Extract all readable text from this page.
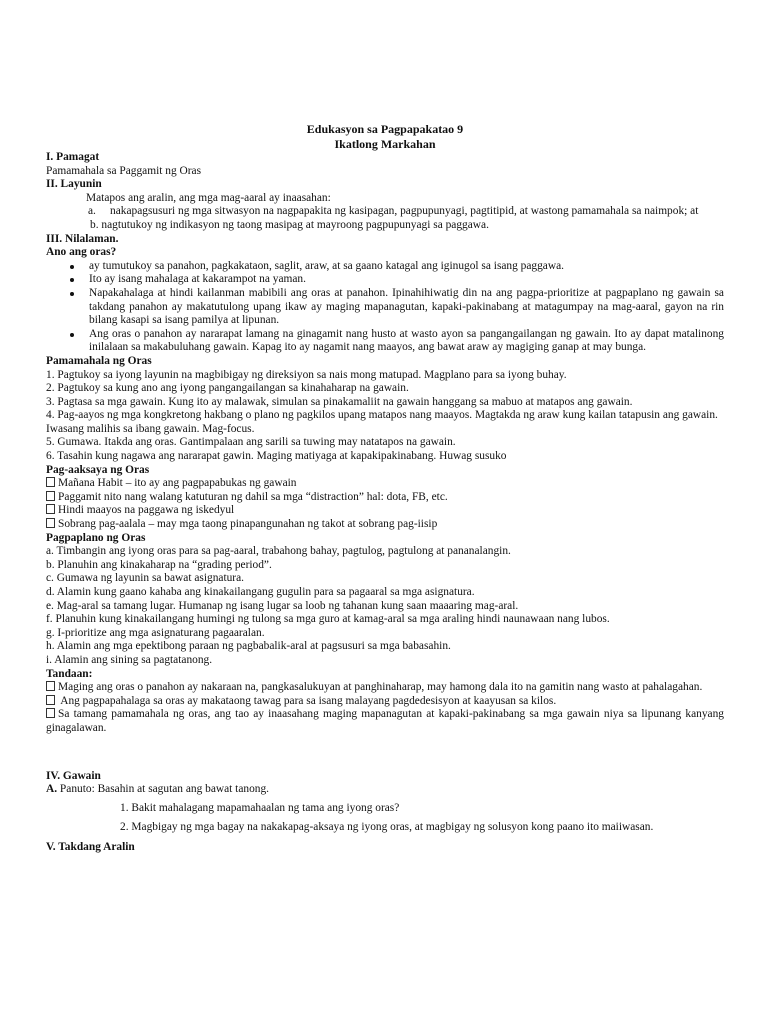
Edukasyon sa Pagpapakatao 9
Ikatlong Markahan

I. Pamagat

Pamamahala sa Paggamit ng Oras

II. Layunin

Matapos ang aralin, ang mga mag-aaral ay inaasahan:

a.	nakapagsusuri ng mga sitwasyon na nagpapakita ng kasipagan, pagpupunyagi, pagtitipid, at wastong pamamahala sa naimpok; at
b. nagtutukoy ng indikasyon ng taong masipag at mayroong pagpupunyagi sa paggawa.

III. Nilalaman.

Ano ang oras?

ay tumutukoy sa panahon, pagkakataon, saglit, araw, at sa gaano katagal ang iginugol sa isang paggawa.
Ito ay isang mahalaga at kakarampot na yaman.
Napakahalaga at hindi kailanman mabibili ang oras at panahon. Ipinahihiwatig din na ang pagpa-prioritize at pagpaplano ng gawain sa takdang panahon ay makatutulong upang ikaw ay maging mapanagutan, kapaki-pakinabang at matagumpay na mag-aaral, gayon na rin bilang kasapi sa isang pamilya at lipunan.
Ang oras o panahon ay nararapat lamang na ginagamit nang husto at wasto ayon sa pangangailangan ng gawain. Ito ay dapat matalinong inilalaan sa makabuluhang gawain. Kapag ito ay nagamit nang maayos, ang bawat araw ay magiging ganap at may bunga.

Pamamahala ng Oras

1. Pagtukoy sa iyong layunin na magbibigay ng direksiyon sa nais mong matupad. Magplano para sa iyong buhay.

2. Pagtukoy sa kung ano ang iyong pangangailangan sa kinahaharap na gawain.

3. Pagtasa sa mga gawain. Kung ito ay malawak, simulan sa pinakamaliit na gawain hanggang sa mabuo at matapos ang gawain.

4. Pag-aayos ng mga kongkretong hakbang o plano ng pagkilos upang matapos nang maayos. Magtakda ng araw kung kailan tatapusin ang gawain. Iwasang malihis sa ibang gawain. Mag-focus.

5. Gumawa. Itakda ang oras. Gantimpalaan ang sarili sa tuwing may natatapos na gawain.

6. Tasahin kung nagawa ang nararapat gawin. Maging matiyaga at kapakipakinabang. Huwag susuko

Pag-aaksaya ng Oras

Mañana Habit – ito ay ang pagpapabukas ng gawain

Paggamit nito nang walang katuturan ng dahil sa mga “distraction” hal: dota, FB, etc.

Hindi maayos na paggawa ng iskedyul

Sobrang pag-aalala – may mga taong pinapangunahan ng takot at sobrang pag-iisip

Pagpaplano ng Oras

a. Timbangin ang iyong oras para sa pag-aaral, trabahong bahay, pagtulog, pagtulong at pananalangin.

b. Planuhin ang kinakaharap na “grading period”.

c. Gumawa ng layunin sa bawat asignatura.

d. Alamin kung gaano kahaba ang kinakailangang gugulin para sa pagaaral sa mga asignatura.

e. Mag-aral sa tamang lugar. Humanap ng isang lugar sa loob ng tahanan kung saan maaaring mag-aral.

f. Planuhin kung kinakailangang humingi ng tulong sa mga guro at kamag-aral sa mga araling hindi naunawaan nang lubos.

g. I-prioritize ang mga asignaturang pagaaralan.

h. Alamin ang mga epektibong paraan ng pagbabalik-aral at pagsusuri sa mga babasahin.

i. Alamin ang sining sa pagtatanong.

Tandaan:

Maging ang oras o panahon ay nakaraan na, pangkasalukuyan at panghinaharap, may hamong dala ito na gamitin nang wasto at pahalagahan.

Ang pagpapahalaga sa oras ay makataong tawag para sa isang malayang pagdedesisyon at kaayusan sa kilos.

Sa tamang pamamahala ng oras, ang tao ay inaasahang maging mapanagutan at kapaki-pakinabang sa mga gawain niya sa lipunang kanyang ginagalawan.

IV. Gawain

A. Panuto: Basahin at sagutan ang bawat tanong.

1. Bakit mahalagang mapamahaalan ng tama ang iyong oras?

2. Magbigay ng mga bagay na nakakapag-aksaya ng iyong oras, at magbigay ng solusyon kong paano ito maiiwasan.

V. Takdang Aralin
